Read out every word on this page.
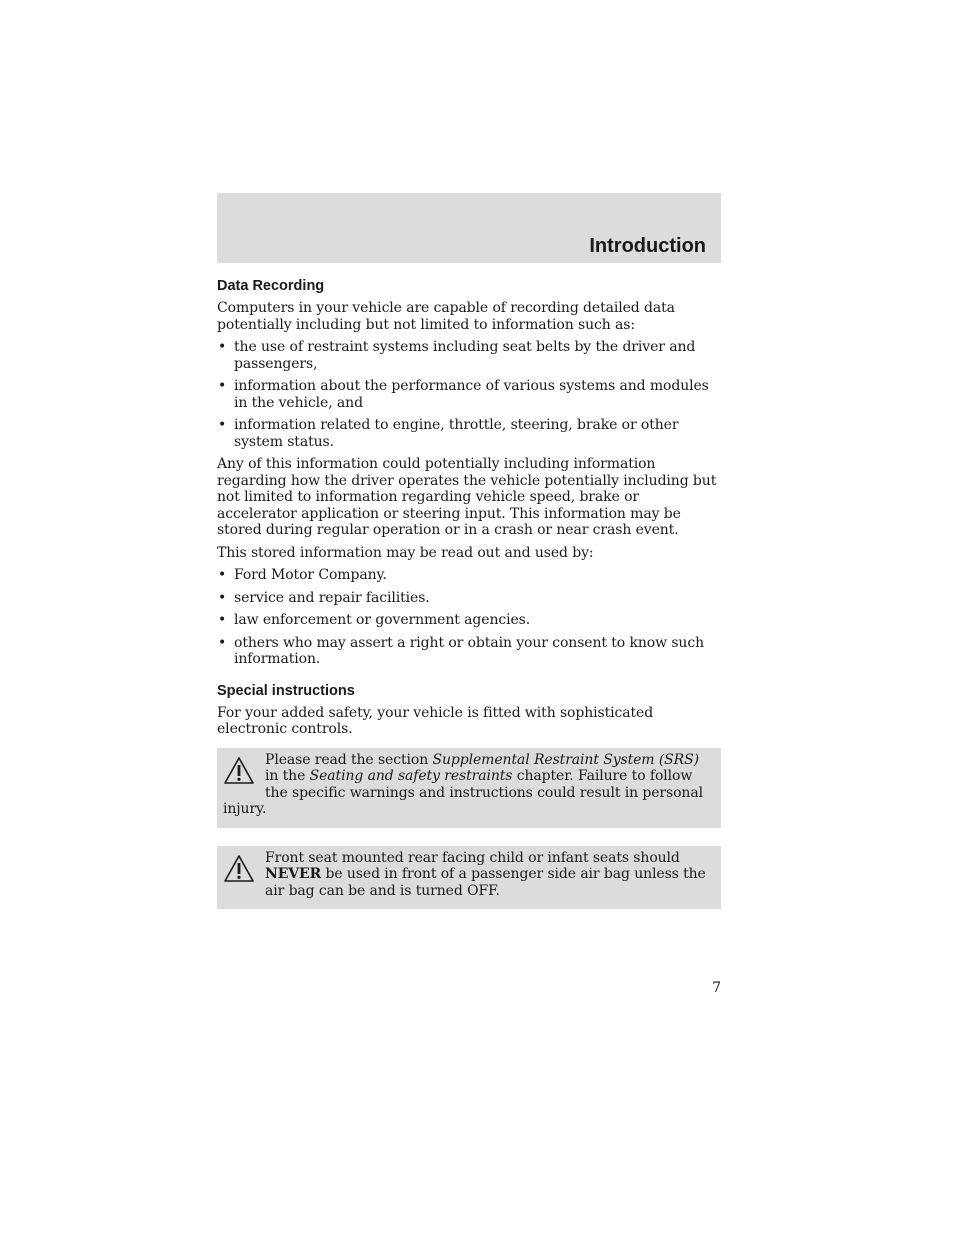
Introduction
Data Recording

Computers in your vehicle are capable of recording detailed data potentially including but not limited to information such as:

• the use of restraint systems including seat belts by the driver and passengers,
• information about the performance of various systems and modules in the vehicle, and
• information related to engine, throttle, steering, brake or other system status.

Any of this information could potentially including information regarding how the driver operates the vehicle potentially including but not limited to information regarding vehicle speed, brake or accelerator application or steering input. This information may be stored during regular operation or in a crash or near crash event.

This stored information may be read out and used by:

• Ford Motor Company.
• service and repair facilities.
• law enforcement or government agencies.
• others who may assert a right or obtain your consent to know such information.
Special instructions

For your added safety, your vehicle is fitted with sophisticated electronic controls.

Please read the section Supplemental Restraint System (SRS) in the Seating and safety restraints chapter. Failure to follow the specific warnings and instructions could result in personal injury.
Front seat mounted rear facing child or infant seats should NEVER be used in front of a passenger side air bag unless the air bag can be and is turned OFF.
7
